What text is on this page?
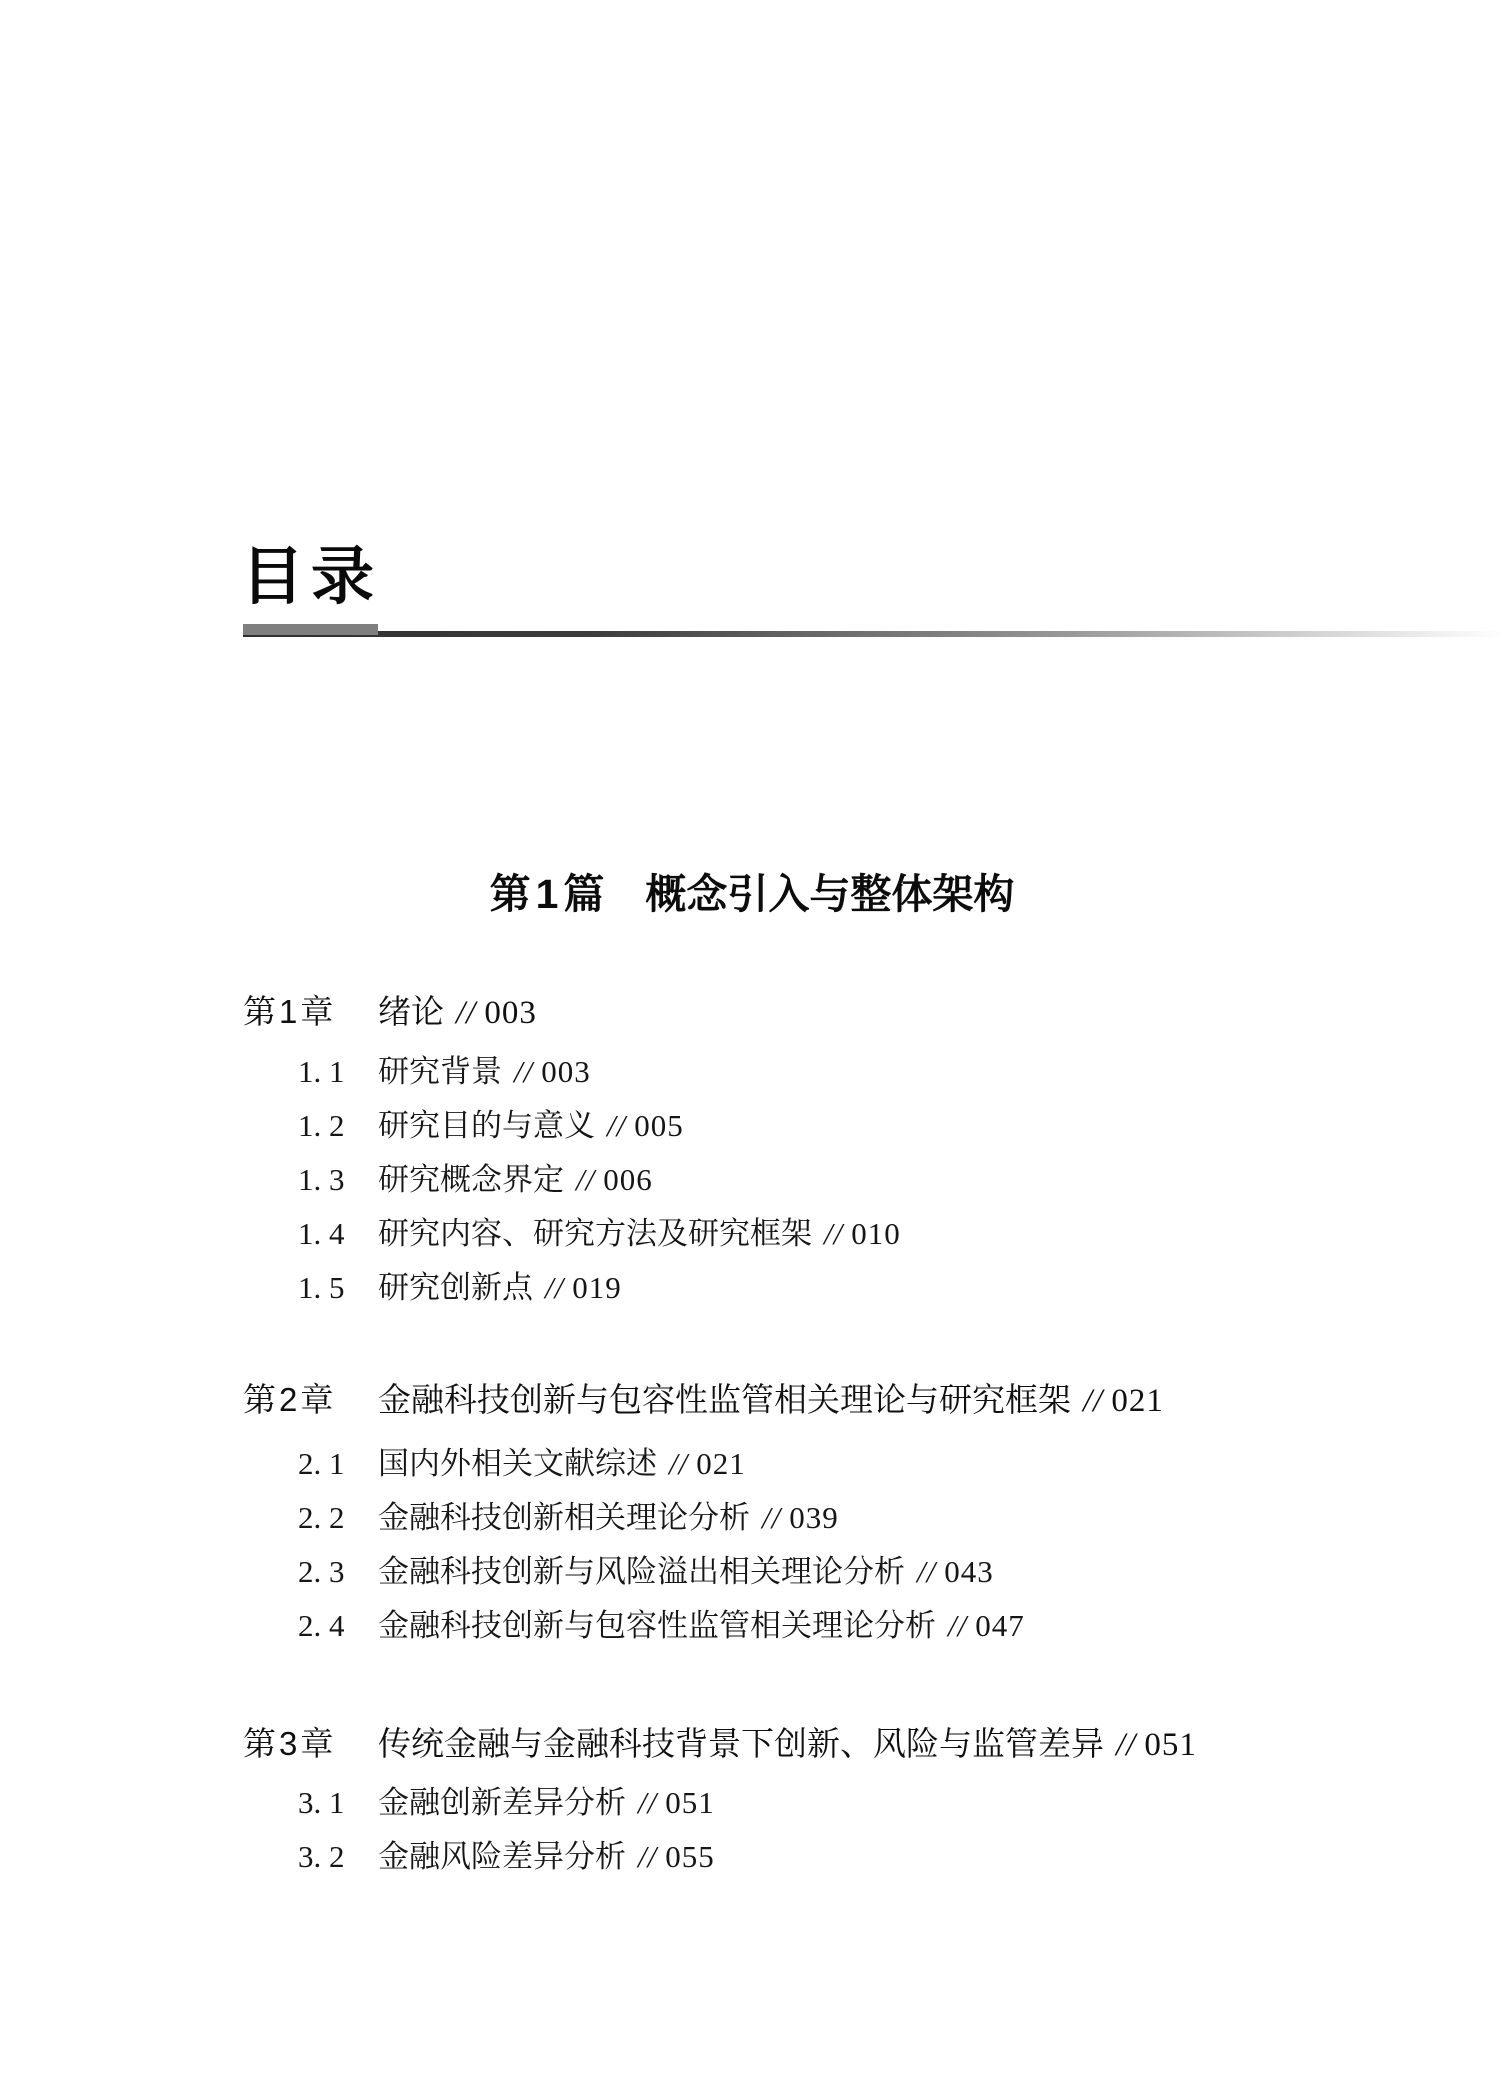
目录
第1篇 概念引入与整体架构
第1章 绪论 // 003
1. 1 研究背景 // 003
1. 2 研究目的与意义 // 005
1. 3 研究概念界定 // 006
1. 4 研究内容、研究方法及研究框架 // 010
1. 5 研究创新点 // 019
第2章 金融科技创新与包容性监管相关理论与研究框架 // 021
2. 1 国内外相关文献综述 // 021
2. 2 金融科技创新相关理论分析 // 039
2. 3 金融科技创新与风险溢出相关理论分析 // 043
2. 4 金融科技创新与包容性监管相关理论分析 // 047
第3章 传统金融与金融科技背景下创新、风险与监管差异 // 051
3. 1 金融创新差异分析 // 051
3. 2 金融风险差异分析 // 055
